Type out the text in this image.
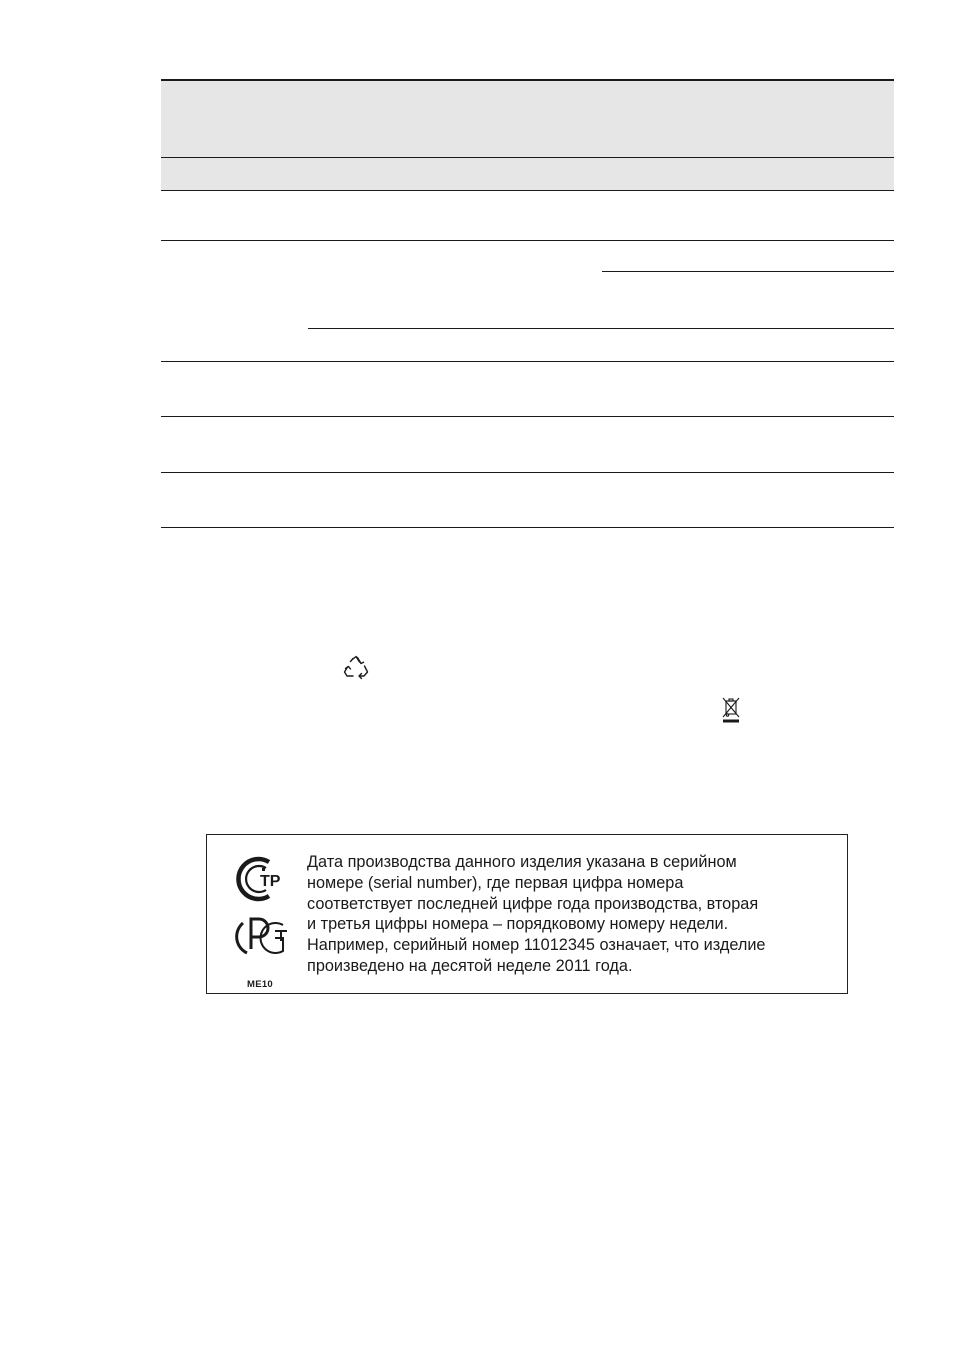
TP
ME10
Дата производства данного изделия указана в серийном
номере (serial number), где первая цифра номера
соответствует последней цифре года производства, вторая
и третья цифры номера – порядковому номеру недели.
Например, серийный номер 11012345 означает, что изделие
произведено на десятой неделе 2011 года.
